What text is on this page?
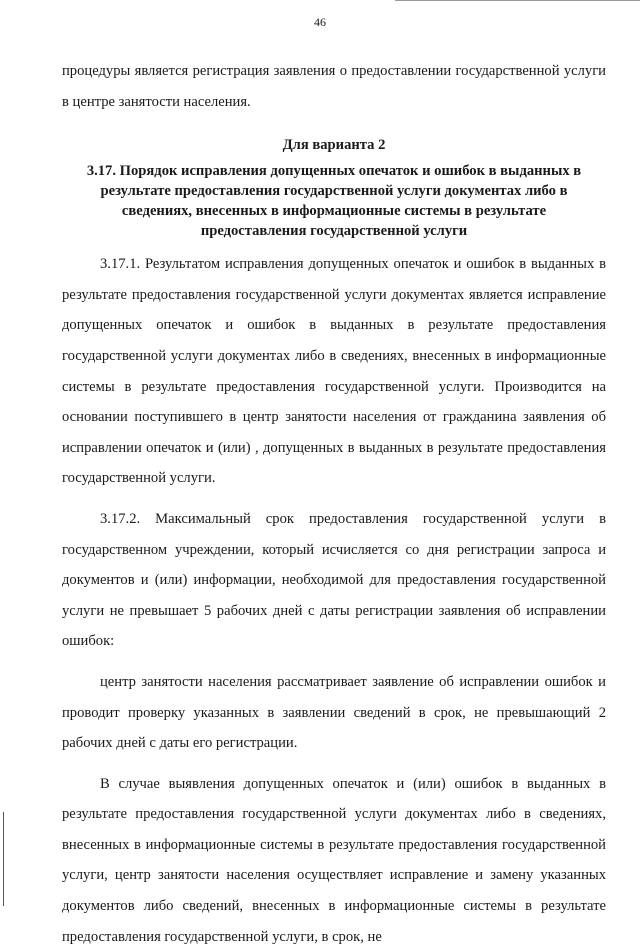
46

процедуры является регистрация заявления о предоставлении государственной услуги в центре занятости населения.

Для варианта 2

3.17. Порядок исправления допущенных опечаток и ошибок в выданных в результате предоставления государственной услуги документах либо в сведениях, внесенных в информационные системы в результате предоставления государственной услуги

3.17.1. Результатом исправления допущенных опечаток и ошибок в выданных в результате предоставления государственной услуги документах является исправление допущенных опечаток и ошибок в выданных в результате предоставления государственной услуги документах либо в сведениях, внесенных в информационные системы в результате предоставления государственной услуги. Производится на основании поступившего в центр занятости населения от гражданина заявления об исправлении опечаток и (или) , допущенных в выданных в результате предоставления государственной услуги.

3.17.2. Максимальный срок предоставления государственной услуги в государственном учреждении, который исчисляется со дня регистрации запроса и документов и (или) информации, необходимой для предоставления государственной услуги не превышает 5 рабочих дней с даты регистрации заявления об исправлении ошибок:

центр занятости населения рассматривает заявление об исправлении ошибок и проводит проверку указанных в заявлении сведений в срок, не превышающий 2 рабочих дней с даты его регистрации.

В случае выявления допущенных опечаток и (или) ошибок в выданных в результате предоставления государственной услуги документах либо в сведениях, внесенных в информационные системы в результате предоставления государственной услуги, центр занятости населения осуществляет исправление и замену указанных документов либо сведений, внесенных в информационные системы в результате предоставления государственной услуги, в срок, не
